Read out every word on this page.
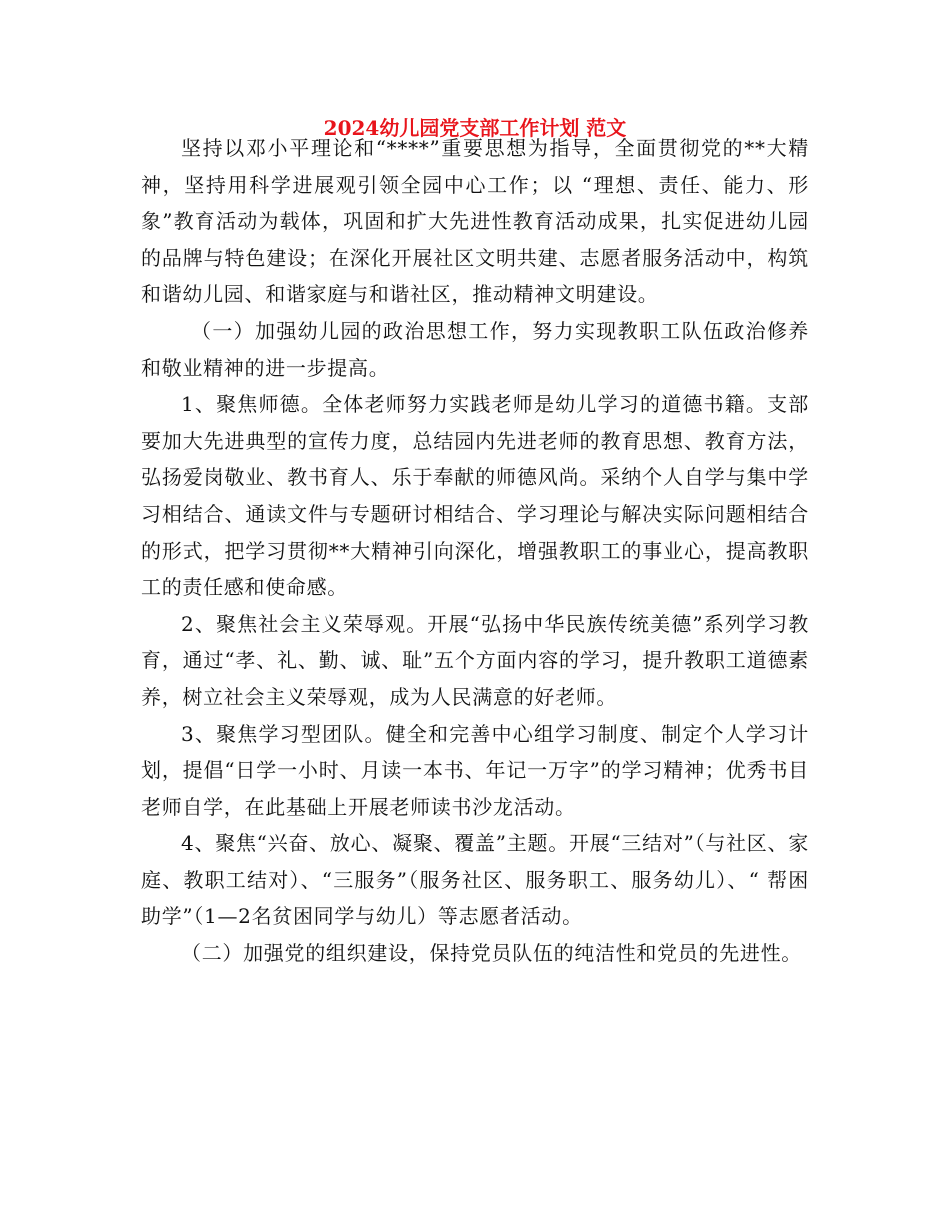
2024幼儿园党支部工作计划 范文

坚持以邓小平理论和“****”重要思想为指导，全面贯彻党的**大精神，坚持用科学进展观引领全园中心工作；以 “理想、责任、能力、形象”教育活动为载体，巩固和扩大先进性教育活动成果，扎实促进幼儿园的品牌与特色建设；在深化开展社区文明共建、志愿者服务活动中，构筑和谐幼儿园、和谐家庭与和谐社区，推动精神文明建设。

（一）加强幼儿园的政治思想工作，努力实现教职工队伍政治修养和敬业精神的进一步提高。

1、聚焦师德。全体老师努力实践老师是幼儿学习的道德书籍。支部要加大先进典型的宣传力度，总结园内先进老师的教育思想、教育方法，弘扬爱岗敬业、教书育人、乐于奉献的师德风尚。采纳个人自学与集中学习相结合、通读文件与专题研讨相结合、学习理论与解决实际问题相结合的形式，把学习贯彻**大精神引向深化，增强教职工的事业心，提高教职工的责任感和使命感。

2、聚焦社会主义荣辱观。开展“弘扬中华民族传统美德”系列学习教育，通过“孝、礼、勤、诚、耻”五个方面内容的学习，提升教职工道德素养，树立社会主义荣辱观，成为人民满意的好老师。

3、聚焦学习型团队。健全和完善中心组学习制度、制定个人学习计划，提倡“日学一小时、月读一本书、年记一万字”的学习精神；优秀书目老师自学，在此基础上开展老师读书沙龙活动。

4、聚焦“兴奋、放心、凝聚、覆盖”主题。开展“三结对”（与社区、家庭、教职工结对）、“三服务”（服务社区、服务职工、服务幼儿）、“ 帮困助学”（1—2名贫困同学与幼儿）等志愿者活动。

（二）加强党的组织建设，保持党员队伍的纯洁性和党员的先进性。
